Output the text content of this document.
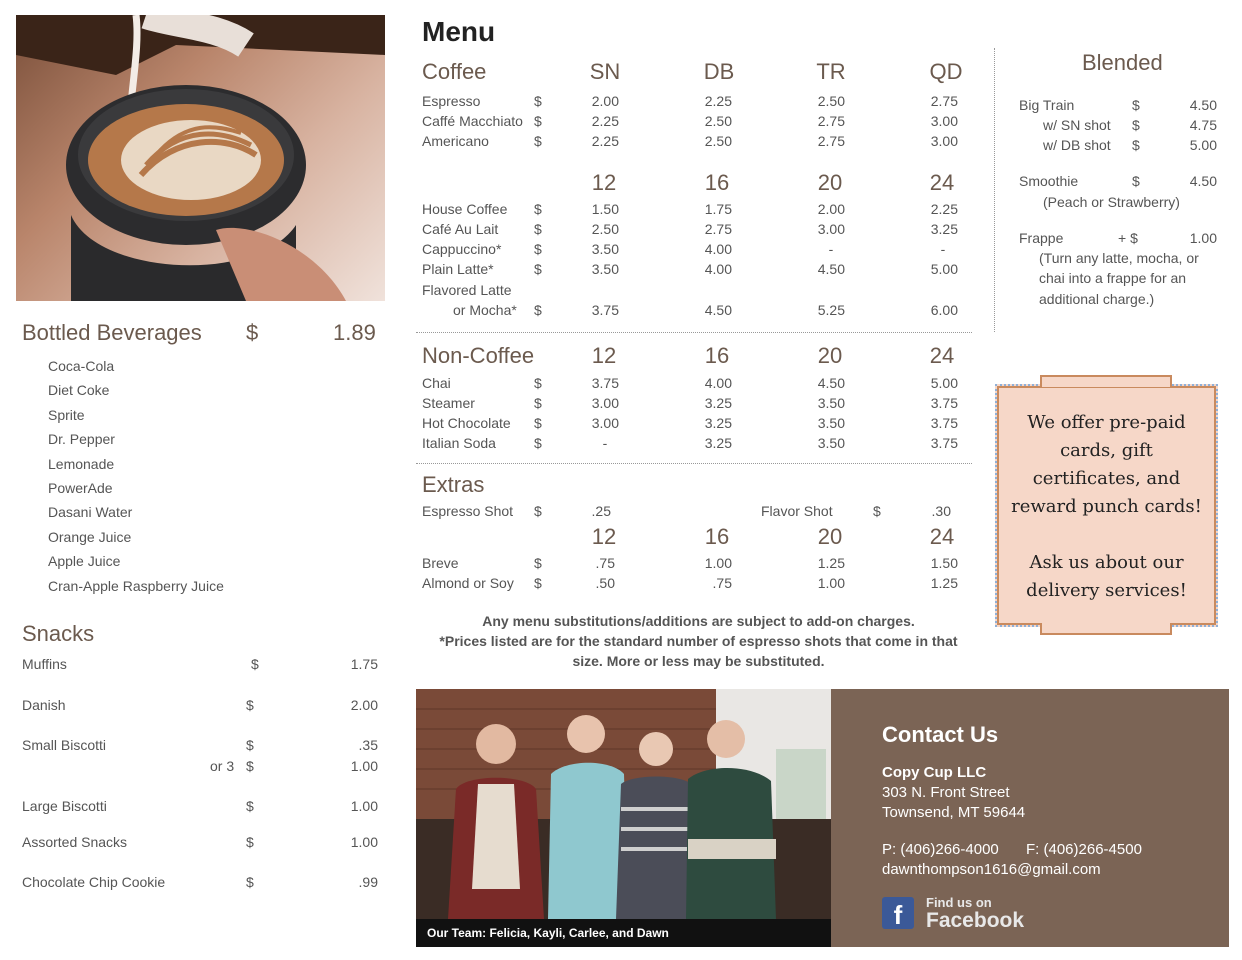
Menu
Coffee	SN	DB	TR	QD
Espresso	$	2.00	2.25	2.50	2.75
Caffé Macchiato $	2.25	2.50	2.75	3.00
Americano	$	2.25	2.50	2.75	3.00
12	16	20	24
House Coffee $	1.50	1.75	2.00	2.25
Café Au Lait	$	2.50	2.75	3.00	3.25
Cappuccino* $	3.50	4.00	-	-
Plain Latte*	$	3.50	4.00	4.50	5.00
Flavored Latte
or Mocha* $	3.75	4.50	5.25	6.00
Non-Coffee	12	16	20	24
Chai	$	3.75	4.00	4.50	5.00
Steamer	$	3.00	3.25	3.50	3.75
Hot Chocolate $	3.00	3.25	3.50	3.75
Italian Soda	$	-	3.25	3.50	3.75
Extras
Espresso Shot $	.25	Flavor Shot	$	.30
12	16	20	24
Breve	$	.75	1.00	1.25	1.50
Almond or Soy $	.50	.75	1.00	1.25
Any menu substitutions/additions are subject to add-on charges.
*Prices listed are for the standard number of espresso shots that come in that
size. More or less may be substituted.
Blended
Big Train	$	4.50
w/ SN shot $	4.75
w/ DB shot $	5.00
Smoothie	$	4.50
(Peach or Strawberry)
Frappe	+ $	1.00
(Turn any latte, mocha, or
chai into a frappe for an
additional charge.)
We offer pre-paid
cards, gift
certificates, and
reward punch cards!
Ask us about our
delivery services!
Bottled Beverages $	1.89
Coca-Cola
Diet Coke
Sprite
Dr. Pepper
Lemonade
PowerAde
Dasani Water
Orange Juice
Apple Juice
Cran-Apple Raspberry Juice
Snacks
Muffins	$	1.75
Danish	$	2.00
Small Biscotti	$	.35
or 3 $	1.00
Large Biscotti	$	1.00
Assorted Snacks	$	1.00
Chocolate Chip Cookie	$	.99
Our Team: Felicia, Kayli, Carlee, and Dawn
Contact Us
Copy Cup LLC
303 N. Front Street
Townsend, MT 59644
P: (406)266-4000 F: (406)266-4500
dawnthompson1616@gmail.com
f	Find us on
Facebook
